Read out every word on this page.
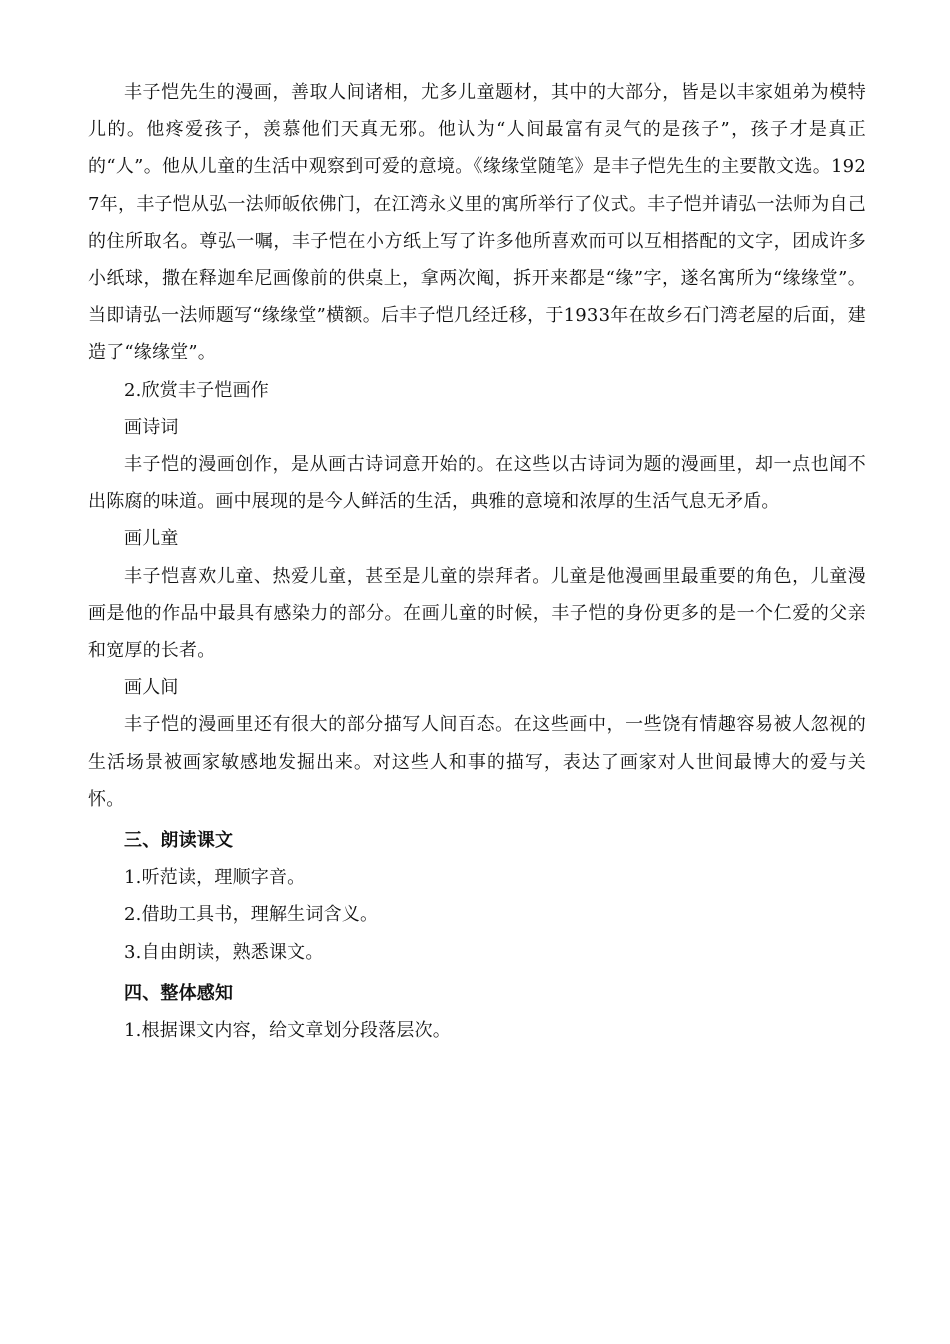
丰子恺先生的漫画，善取人间诸相，尤多儿童题材，其中的大部分，皆是以丰家姐弟为模特儿的。他疼爱孩子，羡慕他们天真无邪。他认为“人间最富有灵气的是孩子”，孩子才是真正的“人”。他从儿童的生活中观察到可爱的意境。《缘缘堂随笔》是丰子恺先生的主要散文选。1927年，丰子恺从弘一法师皈依佛门，在江湾永义里的寓所举行了仪式。丰子恺并请弘一法师为自己的住所取名。尊弘一嘱，丰子恺在小方纸上写了许多他所喜欢而可以互相搭配的文字，团成许多小纸球，撒在释迦牟尼画像前的供桌上，拿两次阄，拆开来都是“缘”字，遂名寓所为“缘缘堂”。当即请弘一法师题写“缘缘堂”横额。后丰子恺几经迁移，于1933年在故乡石门湾老屋的后面，建造了“缘缘堂”。

2.欣赏丰子恺画作

画诗词

丰子恺的漫画创作，是从画古诗词意开始的。在这些以古诗词为题的漫画里，却一点也闻不出陈腐的味道。画中展现的是今人鲜活的生活，典雅的意境和浓厚的生活气息无矛盾。

画儿童

丰子恺喜欢儿童、热爱儿童，甚至是儿童的崇拜者。儿童是他漫画里最重要的角色，儿童漫画是他的作品中最具有感染力的部分。在画儿童的时候，丰子恺的身份更多的是一个仁爱的父亲和宽厚的长者。

画人间

丰子恺的漫画里还有很大的部分描写人间百态。在这些画中，一些饶有情趣容易被人忽视的生活场景被画家敏感地发掘出来。对这些人和事的描写，表达了画家对人世间最博大的爱与关怀。

三、朗读课文

1.听范读，理顺字音。

2.借助工具书，理解生词含义。

3.自由朗读，熟悉课文。

四、整体感知

1.根据课文内容，给文章划分段落层次。
